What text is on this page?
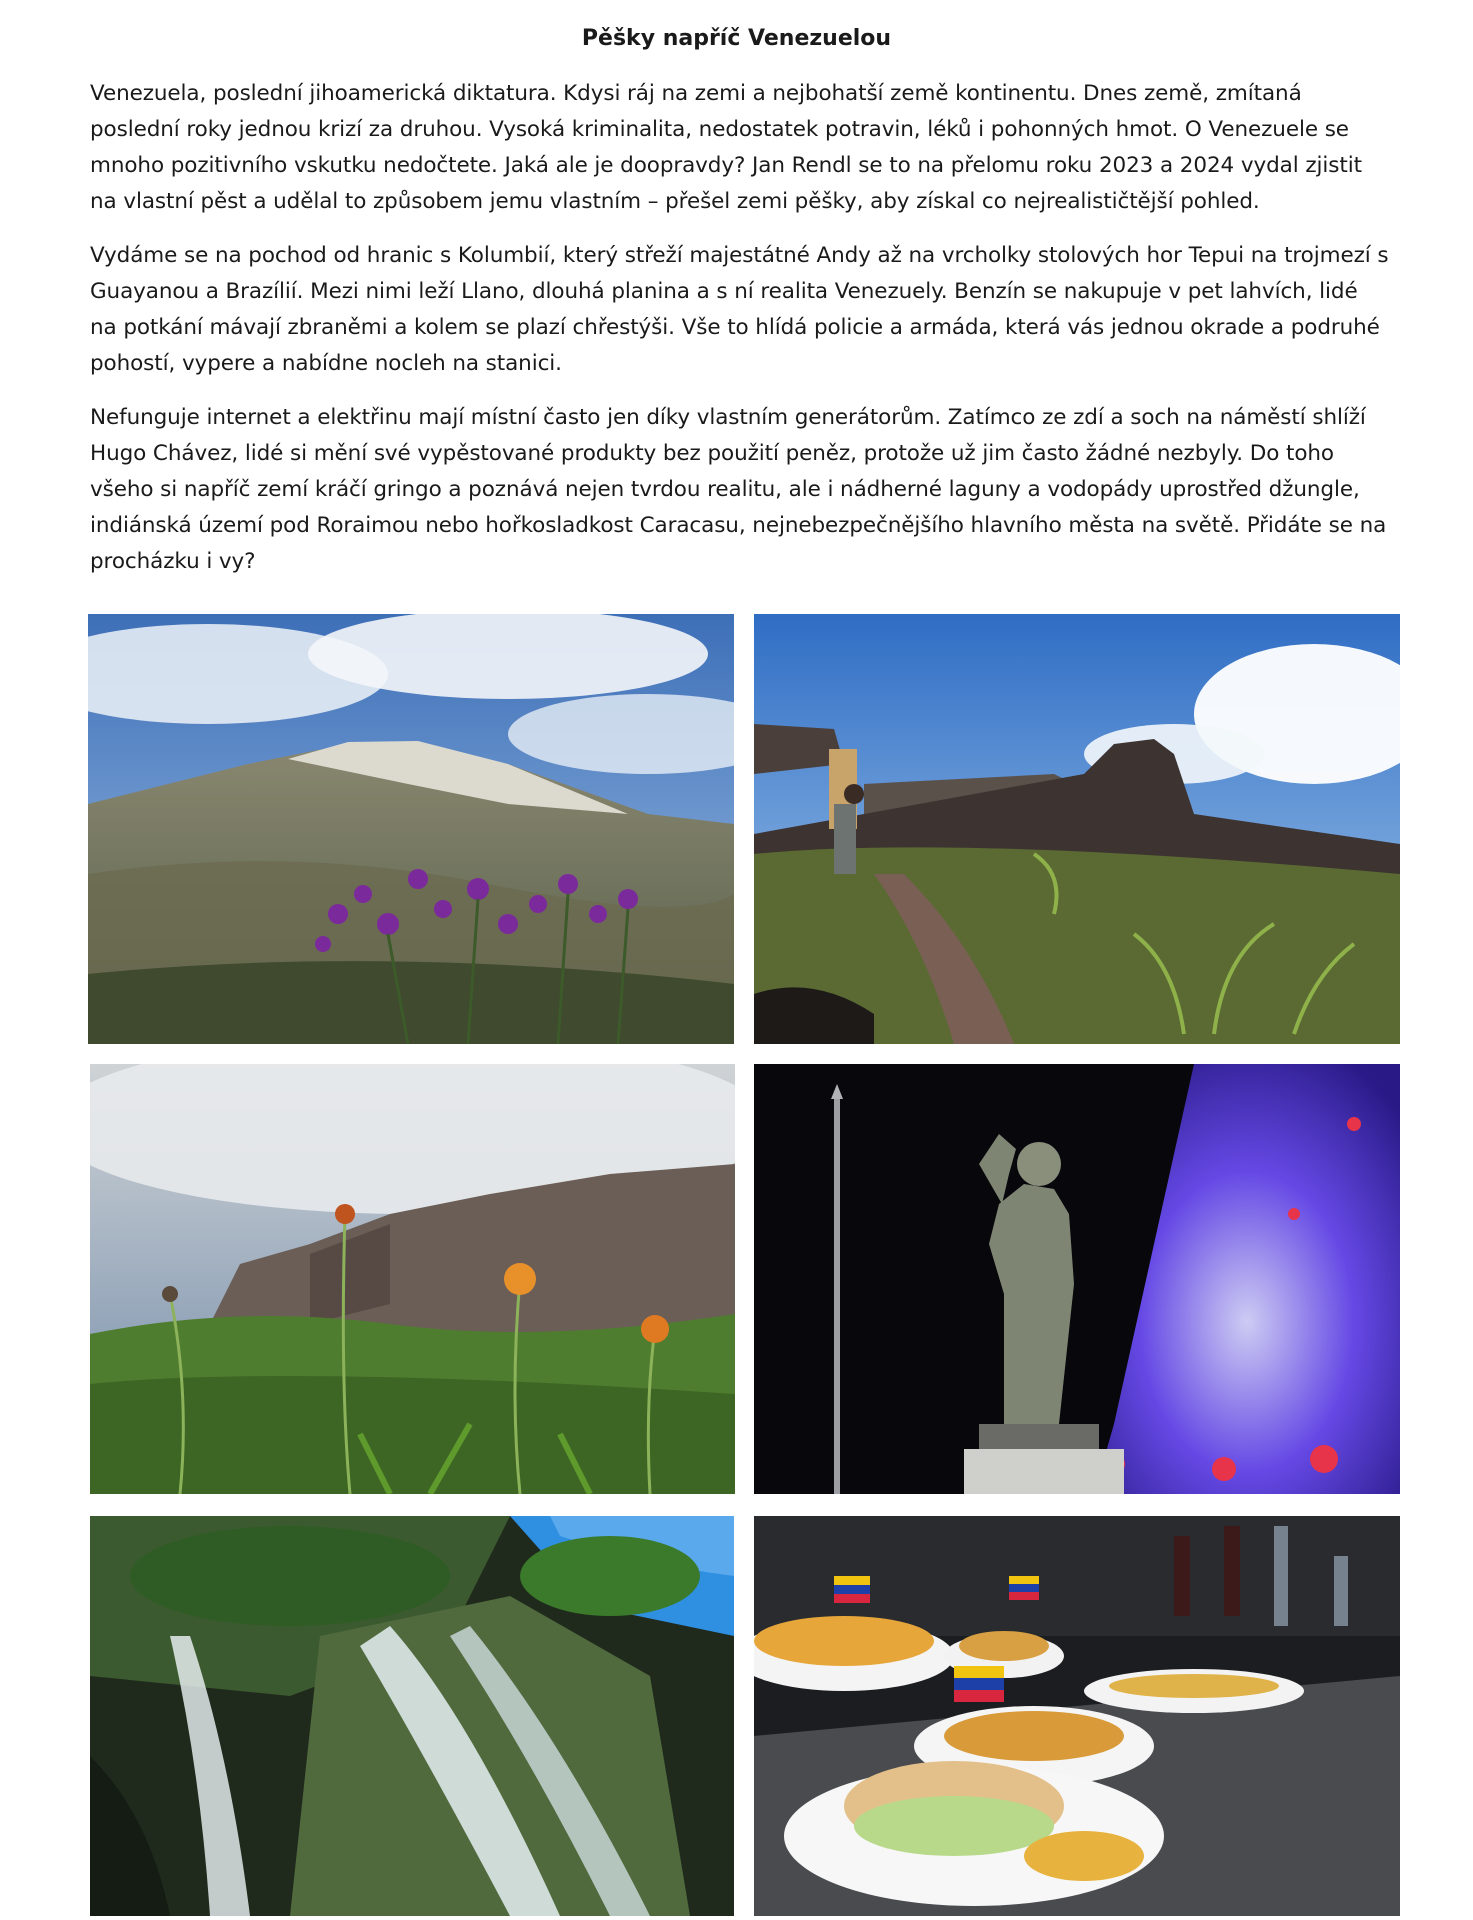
Pěšky napříč Venezuelou

Venezuela, poslední jihoamerická diktatura. Kdysi ráj na zemi a nejbohatší země kontinentu. Dnes země, zmítaná poslední roky jednou krizí za druhou. Vysoká kriminalita, nedostatek potravin, léků i pohonných hmot. O Venezuele se mnoho pozitivního vskutku nedočtete. Jaká ale je doopravdy? Jan Rendl se to na přelomu roku 2023 a 2024 vydal zjistit na vlastní pěst a udělal to způsobem jemu vlastním – přešel zemi pěšky, aby získal co nejrealističtější pohled.

Vydáme se na pochod od hranic s Kolumbií, který střeží majestátné Andy až na vrcholky stolových hor Tepui na trojmezí s Guayanou a Brazílií. Mezi nimi leží Llano, dlouhá planina a s ní realita Venezuely. Benzín se nakupuje v pet lahvích, lidé na potkání mávají zbraněmi a kolem se plazí chřestýši. Vše to hlídá policie a armáda, která vás jednou okrade a podruhé pohostí, vypere a nabídne nocleh na stanici.

Nefunguje internet a elektřinu mají místní často jen díky vlastním generátorům. Zatímco ze zdí a soch na náměstí shlíží Hugo Chávez, lidé si mění své vypěstované produkty bez použití peněz, protože už jim často žádné nezbyly. Do toho všeho si napříč zemí kráčí gringo a poznává nejen tvrdou realitu, ale i nádherné laguny a vodopády uprostřed džungle, indiánská území pod Roraimou nebo hořkosladkost Caracasu, nejnebezpečnějšího hlavního města na světě. Přidáte se na procházku i vy?
